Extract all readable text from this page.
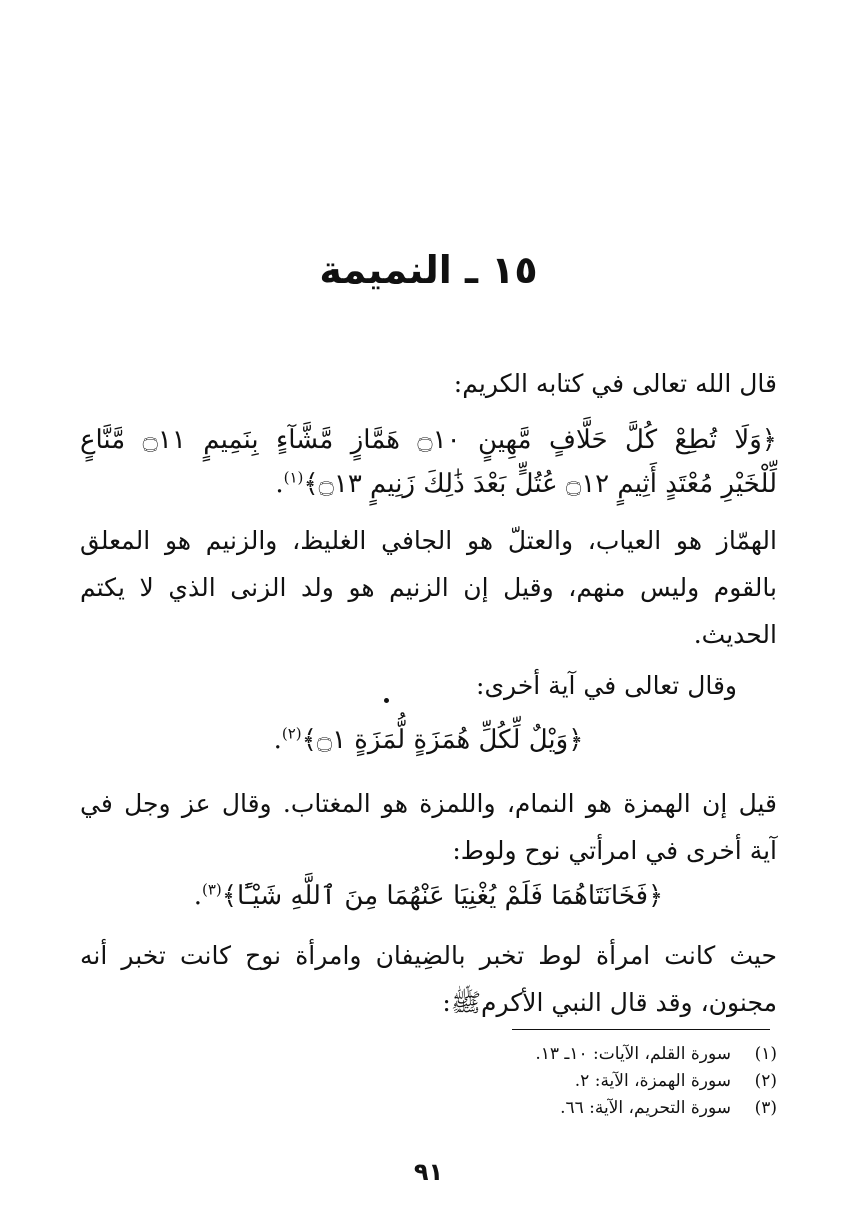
١٥ ـ النميمة
قال الله تعالى في كتابه الكريم:
﴿وَلَا تُطِعْ كُلَّ حَلَّافٍ مَّهِينٍ ۝١٠ هَمَّازٍ مَّشَّآءٍ بِنَمِيمٍ ۝١١ مَّنَّاعٍ
لِّلْخَيْرِ مُعْتَدٍ أَثِيمٍ ۝١٢ عُتُلٍّ بَعْدَ ذَٰلِكَ زَنِيمٍ ۝١٣﴾$^{(١)}$.
الهمّاز هو العياب، والعتلّ هو الجافي الغليظ، والزنيم هو المعلق
بالقوم وليس منهم، وقيل إن الزنيم هو ولد الزنى الذي لا يكتم
الحديث.
وقال تعالى في آية أخرى:
﴿وَيْلٌ لِّكُلِّ هُمَزَةٍ لُّمَزَةٍ ۝١﴾$^{(٢)}$.
قيل إن الهمزة هو النمام، واللمزة هو المغتاب. وقال عز وجل في
آية أخرى في امرأتي نوح ولوط:
﴿فَخَانَتَاهُمَا فَلَمْ يُغْنِيَا عَنْهُمَا مِنَ ٱللَّهِ شَيْـًٔا﴾$^{(٣)}$.
حيث كانت امرأة لوط تخبر بالضِيفان وامرأة نوح كانت تخبر أنه
مجنون، وقد قال النبي الأكرمﷺ:
(١)سورة القلم، الآيات: ١٠ـ ١٣.
(٢)سورة الهمزة، الآية: ٢.
(٣)سورة التحريم، الآية: ٦٦.
٩١
